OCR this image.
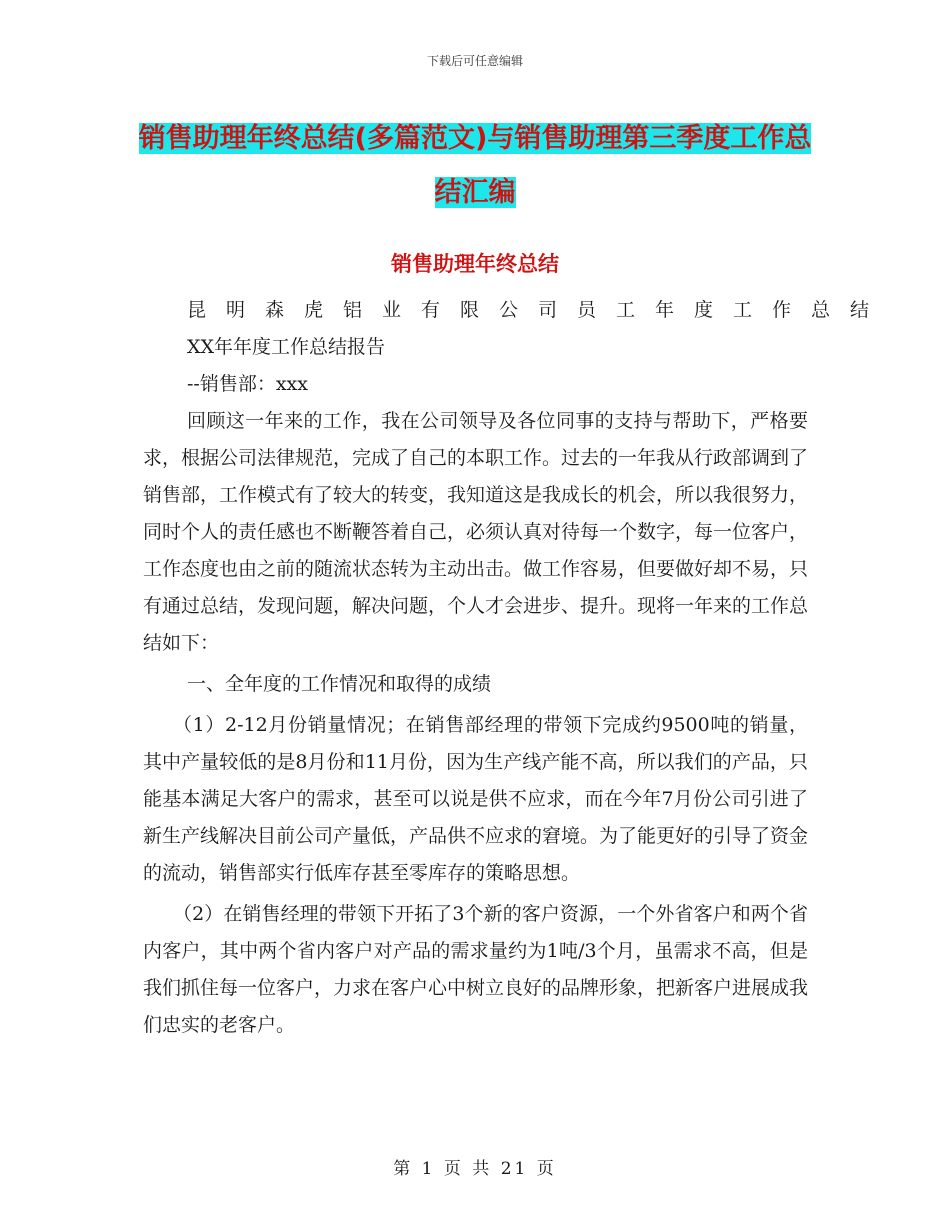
下载后可任意编辑
销售助理年终总结(多篇范文)与销售助理第三季度工作总结汇编
销售助理年终总结

昆明森虎铝业有限公司员工年度工作总结

XX年年度工作总结报告

--销售部：xxx

回顾这一年来的工作，我在公司领导及各位同事的支持与帮助下，严格要求，根据公司法律规范，完成了自己的本职工作。过去的一年我从行政部调到了销售部，工作模式有了较大的转变，我知道这是我成长的机会，所以我很努力，同时个人的责任感也不断鞭答着自己，必须认真对待每一个数字，每一位客户，工作态度也由之前的随流状态转为主动出击。做工作容易，但要做好却不易，只有通过总结，发现问题，解决问题，个人才会进步、提升。现将一年来的工作总结如下：

一、全年度的工作情况和取得的成绩

（1）2-12月份销量情况；在销售部经理的带领下完成约9500吨的销量，其中产量较低的是8月份和11月份，因为生产线产能不高，所以我们的产品，只能基本满足大客户的需求，甚至可以说是供不应求，而在今年7月份公司引进了新生产线解决目前公司产量低，产品供不应求的窘境。为了能更好的引导了资金的流动，销售部实行低库存甚至零库存的策略思想。

（2）在销售经理的带领下开拓了3个新的客户资源，一个外省客户和两个省内客户，其中两个省内客户对产品的需求量约为1吨/3个月，虽需求不高，但是我们抓住每一位客户，力求在客户心中树立良好的品牌形象，把新客户进展成我们忠实的老客户。

第 1 页 共 21 页
